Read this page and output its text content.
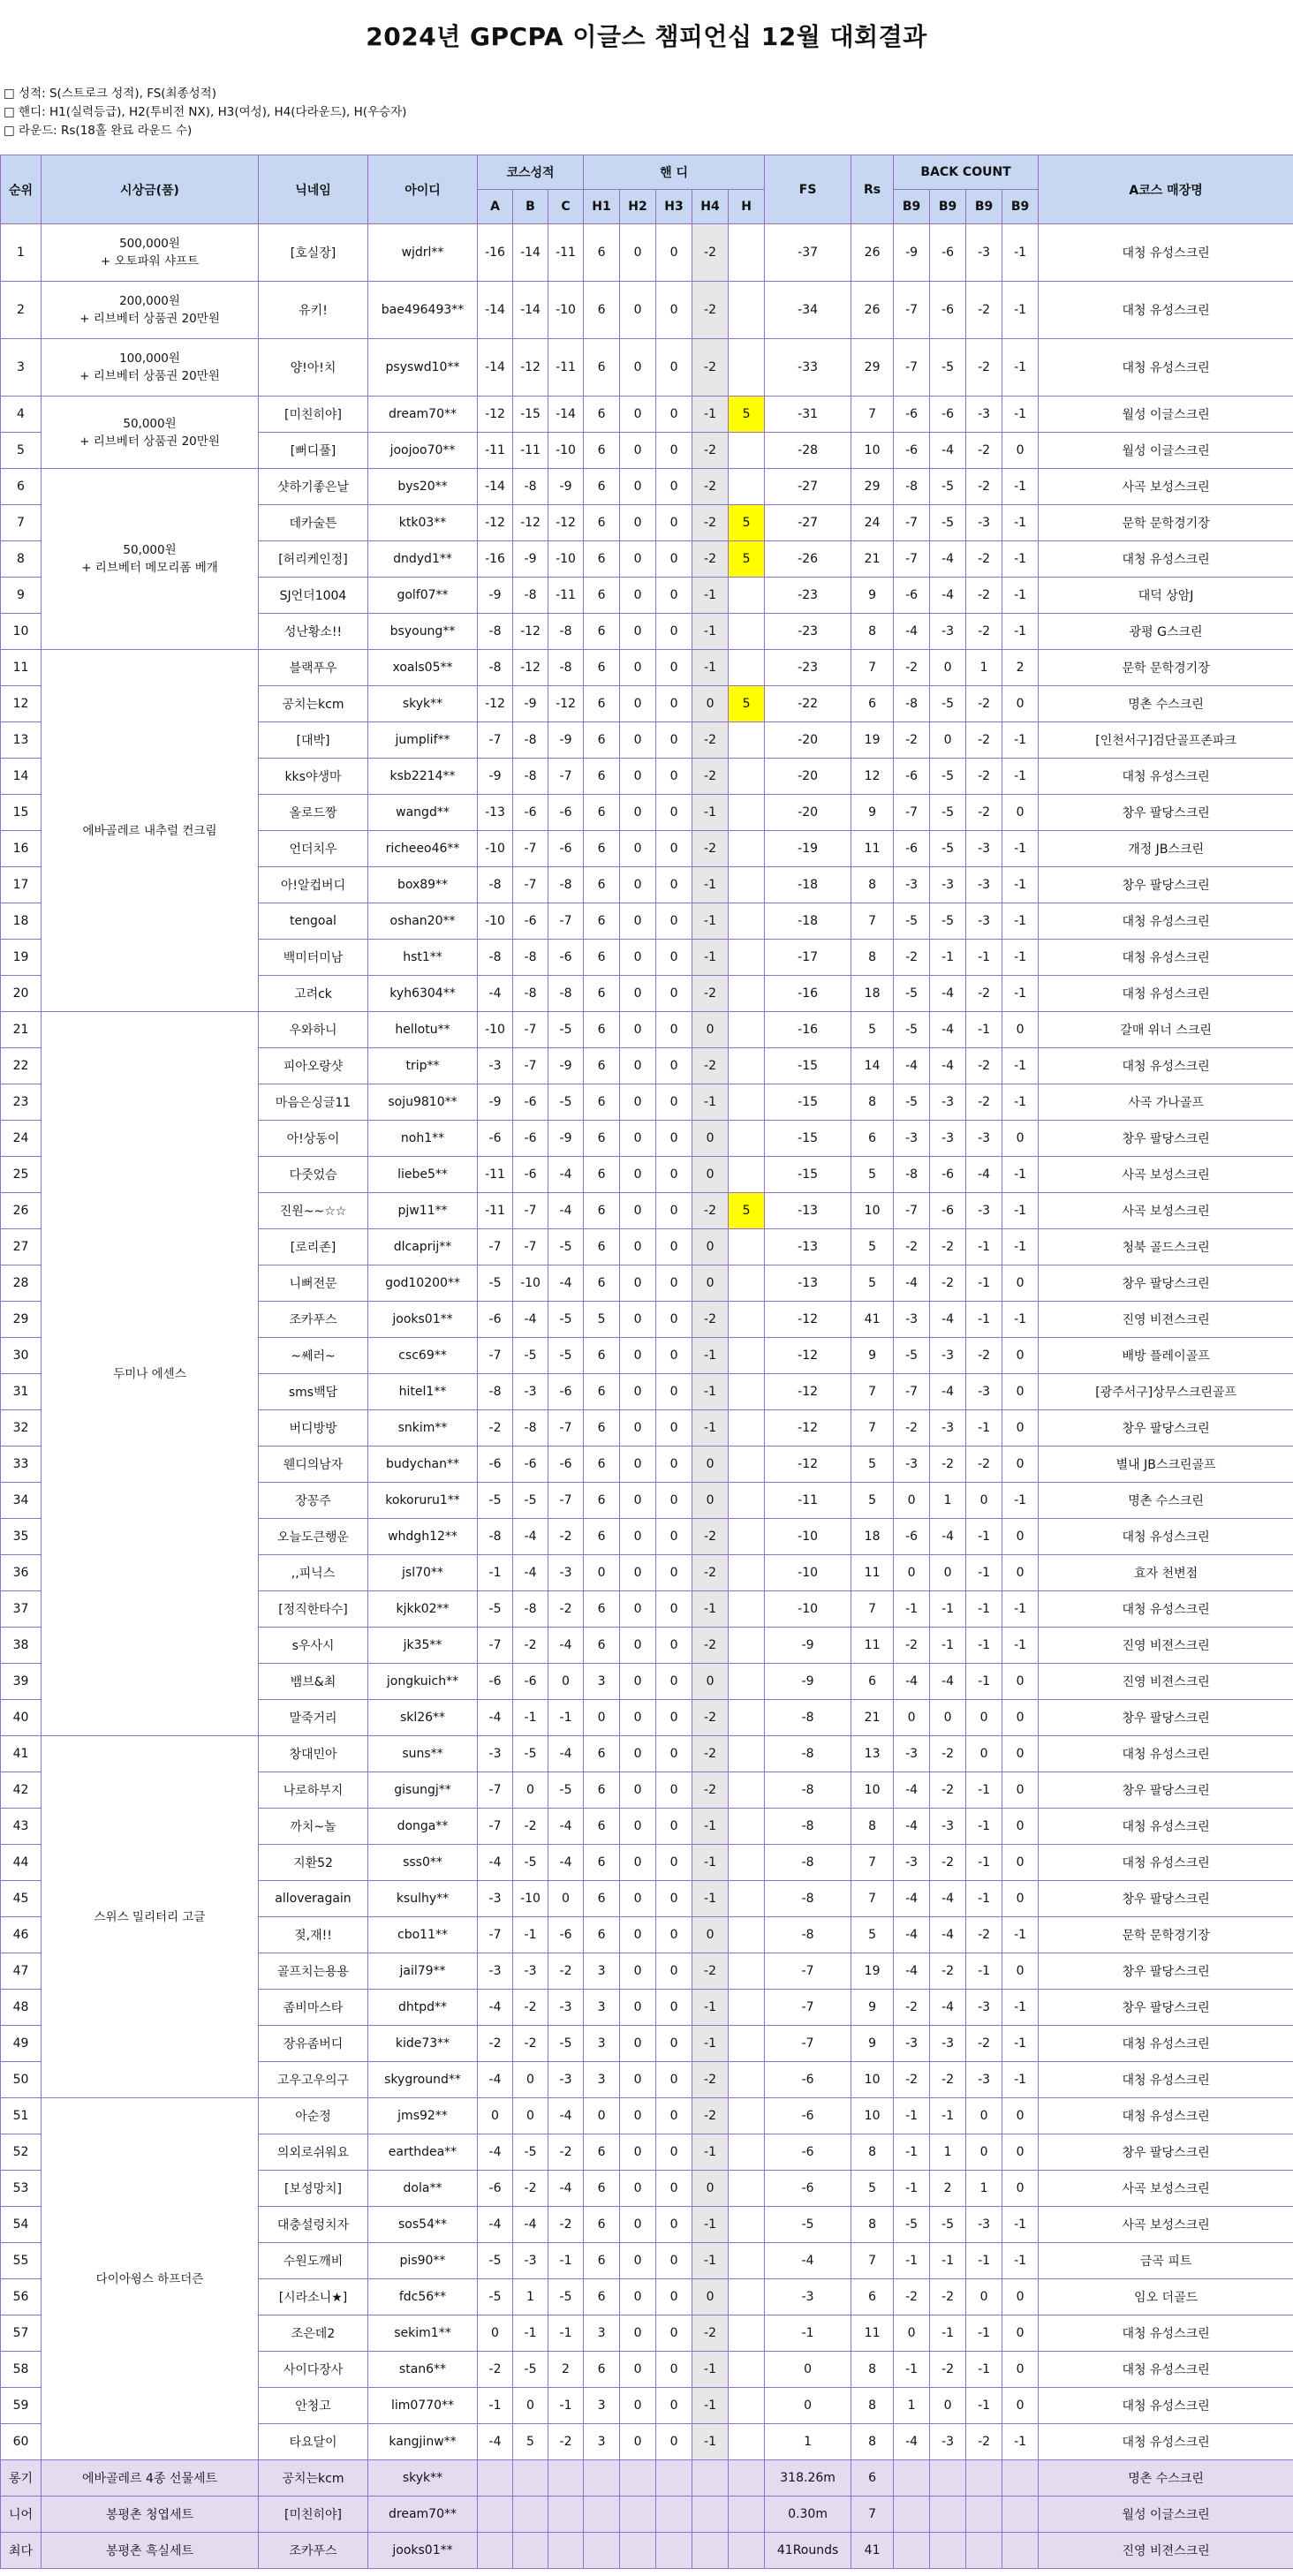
2024년 GPCPA 이글스 챔피언십 12월 대회결과
□ 성적: S(스트로크 성적), FS(최종성적)
□ 핸디: H1(실력등급), H2(투비전 NX), H3(여성), H4(다라운드), H(우승자)
□ 라운드: Rs(18홀 완료 라운드 수)
순위	시상금(품)	닉네임	아이디	코스성적			핸 디					FS	Rs	BACK COUNT				A코스 매장명
				A	B	C	H1	H2	H3	H4	H			B9	B9	B9	B9	
1	500,000원
+ 오토파워 샤프트	[호실장]	wjdrl**	-16	-14	-11	6	0	0	-2		-37	26	-9	-6	-3	-1	대청 유성스크린
2	200,000원
+ 리브베터 상품권 20만원	유키!	bae496493**	-14	-14	-10	6	0	0	-2		-34	26	-7	-6	-2	-1	대청 유성스크린
3	100,000원
+ 리브베터 상품권 20만원	양!아!치	psyswd10**	-14	-12	-11	6	0	0	-2		-33	29	-7	-5	-2	-1	대청 유성스크린
4	50,000원
+ 리브베터 상품권 20만원	[미친히야]	dream70**	-12	-15	-14	6	0	0	-1	5	-31	7	-6	-6	-3	-1	월성 이글스크린
5		[뻐디풀]	joojoo70**	-11	-11	-10	6	0	0	-2		-28	10	-6	-4	-2	0	월성 이글스크린
6	50,000원
+ 리브베터 메모리폼 베개	샷하기좋은날	bys20**	-14	-8	-9	6	0	0	-2		-27	29	-8	-5	-2	-1	사곡 보성스크린
7		데카술튼	ktk03**	-12	-12	-12	6	0	0	-2	5	-27	24	-7	-5	-3	-1	문학 문학경기장
8		[허리케인정]	dndyd1**	-16	-9	-10	6	0	0	-2	5	-26	21	-7	-4	-2	-1	대청 유성스크린
9		SJ언더1004	golf07**	-9	-8	-11	6	0	0	-1		-23	9	-6	-4	-2	-1	대덕 상암J
10		성난황소!!	bsyoung**	-8	-12	-8	6	0	0	-1		-23	8	-4	-3	-2	-1	광평 G스크린
11	에바골레르 내추럴 컨크림	블랙푸우	xoals05**	-8	-12	-8	6	0	0	-1		-23	7	-2	0	1	2	문학 문학경기장
12		공치는kcm	skyk**	-12	-9	-12	6	0	0	0	5	-22	6	-8	-5	-2	0	명촌 수스크린
13		[대박]	jumplif**	-7	-8	-9	6	0	0	-2		-20	19	-2	0	-2	-1	[인천서구]검단골프존파크
14		kks야생마	ksb2214**	-9	-8	-7	6	0	0	-2		-20	12	-6	-5	-2	-1	대청 유성스크린
15		올로드짱	wangd**	-13	-6	-6	6	0	0	-1		-20	9	-7	-5	-2	0	창우 팔당스크린
16		언더치우	richeeo46**	-10	-7	-6	6	0	0	-2		-19	11	-6	-5	-3	-1	개정 JB스크린
17		아!알컵버디	box89**	-8	-7	-8	6	0	0	-1		-18	8	-3	-3	-3	-1	창우 팔당스크린
18		tengoal	oshan20**	-10	-6	-7	6	0	0	-1		-18	7	-5	-5	-3	-1	대청 유성스크린
19		백미터미남	hst1**	-8	-8	-6	6	0	0	-1		-17	8	-2	-1	-1	-1	대청 유성스크린
20		고려ck	kyh6304**	-4	-8	-8	6	0	0	-2		-16	18	-5	-4	-2	-1	대청 유성스크린
21	두미나 에센스	우와하니	hellotu**	-10	-7	-5	6	0	0	0		-16	5	-5	-4	-1	0	갈매 위너 스크린
22		피아오랑샷	trip**	-3	-7	-9	6	0	0	-2		-15	14	-4	-4	-2	-1	대청 유성스크린
23		마음은싱글11	soju9810**	-9	-6	-5	6	0	0	-1		-15	8	-5	-3	-2	-1	사곡 가나골프
24		아!상동이	noh1**	-6	-6	-9	6	0	0	0		-15	6	-3	-3	-3	0	창우 팔당스크린
25		다줏었슴	liebe5**	-11	-6	-4	6	0	0	0		-15	5	-8	-6	-4	-1	사곡 보성스크린
26		진원~~☆☆	pjw11**	-11	-7	-4	6	0	0	-2	5	-13	10	-7	-6	-3	-1	사곡 보성스크린
27		[로리존]	dlcaprij**	-7	-7	-5	6	0	0	0		-13	5	-2	-2	-1	-1	청북 골드스크린
28		니뻐전문	god10200**	-5	-10	-4	6	0	0	0		-13	5	-4	-2	-1	0	창우 팔당스크린
29		조카푸스	jooks01**	-6	-4	-5	5	0	0	-2		-12	41	-3	-4	-1	-1	진영 비젼스크린
30		~쎄러~	csc69**	-7	-5	-5	6	0	0	-1		-12	9	-5	-3	-2	0	배방 플레이골프
31		sms백담	hitel1**	-8	-3	-6	6	0	0	-1		-12	7	-7	-4	-3	0	[광주서구]상무스크린골프
32		버디방방	snkim**	-2	-8	-7	6	0	0	-1		-12	7	-2	-3	-1	0	창우 팔당스크린
33		웬디의남자	budychan**	-6	-6	-6	6	0	0	0		-12	5	-3	-2	-2	0	별내 JB스크린골프
34		장꽁주	kokoruru1**	-5	-5	-7	6	0	0	0		-11	5	0	1	0	-1	명촌 수스크린
35		오늘도큰행운	whdgh12**	-8	-4	-2	6	0	0	-2		-10	18	-6	-4	-1	0	대청 유성스크린
36		,,피닉스	jsl70**	-1	-4	-3	0	0	0	-2		-10	11	0	0	-1	0	효자 천변점
37		[정직한타수]	kjkk02**	-5	-8	-2	6	0	0	-1		-10	7	-1	-1	-1	-1	대청 유성스크린
38		s우사시	jk35**	-7	-2	-4	6	0	0	-2		-9	11	-2	-1	-1	-1	진영 비젼스크린
39		뱀브&최	jongkuich**	-6	-6	0	3	0	0	0		-9	6	-4	-4	-1	0	진영 비젼스크린
40		말죽거리	skl26**	-4	-1	-1	0	0	0	-2		-8	21	0	0	0	0	창우 팔당스크린
41	스위스 밀리터리 고글	창대민아	suns**	-3	-5	-4	6	0	0	-2		-8	13	-3	-2	0	0	대청 유성스크린
42		나로하부지	gisungj**	-7	0	-5	6	0	0	-2		-8	10	-4	-2	-1	0	창우 팔당스크린
43		까치~놀	donga**	-7	-2	-4	6	0	0	-1		-8	8	-4	-3	-1	0	대청 유성스크린
44		지환52	sss0**	-4	-5	-4	6	0	0	-1		-8	7	-3	-2	-1	0	대청 유성스크린
45		alloveragain	ksulhy**	-3	-10	0	6	0	0	-1		-8	7	-4	-4	-1	0	창우 팔당스크린
46		젖,재!!	cbo11**	-7	-1	-6	6	0	0	0		-8	5	-4	-4	-2	-1	문학 문학경기장
47		골프치는용용	jail79**	-3	-3	-2	3	0	0	-2		-7	19	-4	-2	-1	0	창우 팔당스크린
48		좀비마스타	dhtpd**	-4	-2	-3	3	0	0	-1		-7	9	-2	-4	-3	-1	창우 팔당스크린
49		장유좀버디	kide73**	-2	-2	-5	3	0	0	-1		-7	9	-3	-3	-2	-1	대청 유성스크린
50		고우고우의구	skyground**	-4	0	-3	3	0	0	-2		-6	10	-2	-2	-3	-1	대청 유성스크린
51	다이아윙스 하프더즌	아순정	jms92**	0	0	-4	0	0	0	-2		-6	10	-1	-1	0	0	대청 유성스크린
52		의외로쉬워요	earthdea**	-4	-5	-2	6	0	0	-1		-6	8	-1	1	0	0	창우 팔당스크린
53		[보성망치]	dola**	-6	-2	-4	6	0	0	0		-6	5	-1	2	1	0	사곡 보성스크린
54		대충설렁치자	sos54**	-4	-4	-2	6	0	0	-1		-5	8	-5	-5	-3	-1	사곡 보성스크린
55		수원도깨비	pis90**	-5	-3	-1	6	0	0	-1		-4	7	-1	-1	-1	-1	금곡 피트
56		[시라소니★]	fdc56**	-5	1	-5	6	0	0	0		-3	6	-2	-2	0	0	임오 더골드
57		조은데2	sekim1**	0	-1	-1	3	0	0	-2		-1	11	0	-1	-1	0	대청 유성스크린
58		사이다장사	stan6**	-2	-5	2	6	0	0	-1		0	8	-1	-2	-1	0	대청 유성스크린
59		안청고	lim0770**	-1	0	-1	3	0	0	-1		0	8	1	0	-1	0	대청 유성스크린
60		타요달이	kangjinw**	-4	5	-2	3	0	0	-1		1	8	-4	-3	-2	-1	대청 유성스크린
롱기	에바골레르 4종 선물세트	공치는kcm	skyk**									318.26m	6					명촌 수스크린
니어	봉평촌 청엽세트	[미친히야]	dream70**									0.30m	7					월성 이글스크린
최다	봉평촌 흑실세트	조카푸스	jooks01**									41Rounds	41					진영 비젼스크린
